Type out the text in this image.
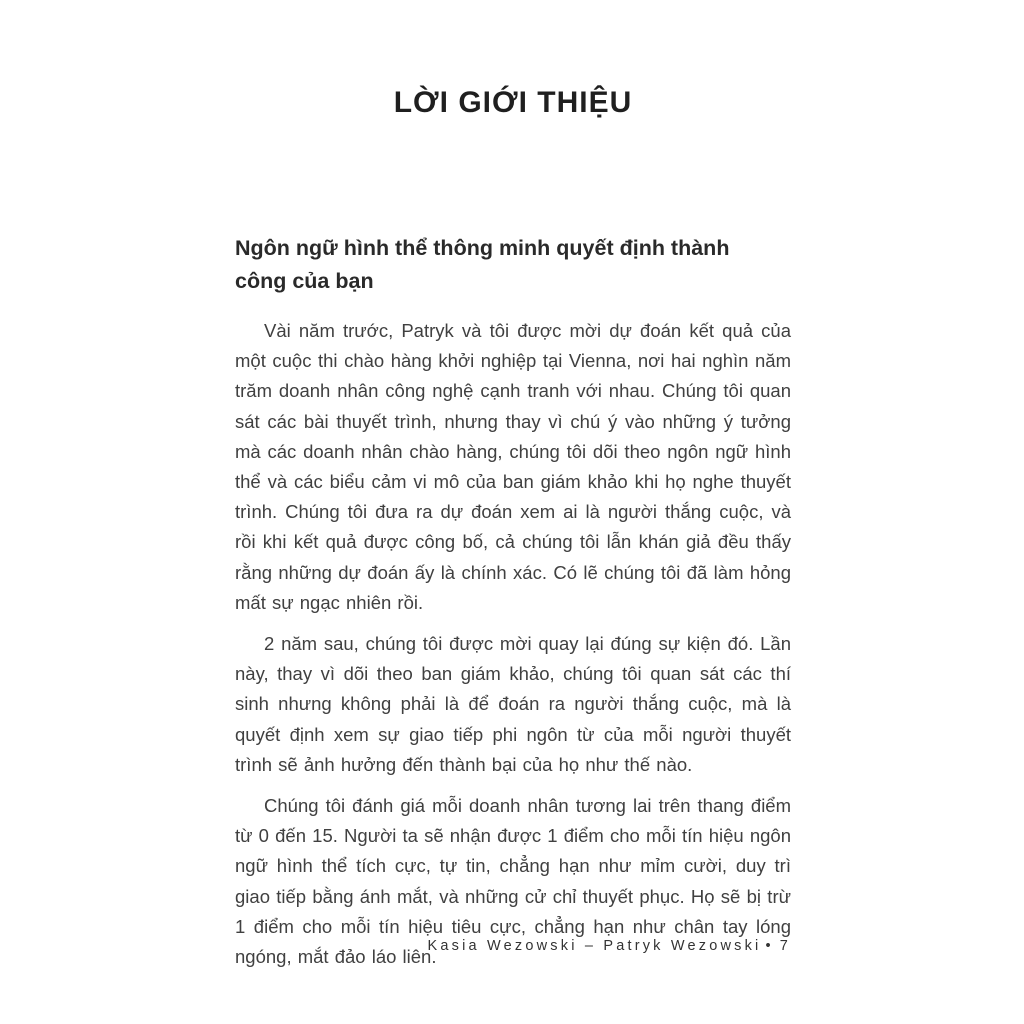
LỜI GIỚI THIỆU
Ngôn ngữ hình thể thông minh quyết định thành công của bạn

Vài năm trước, Patryk và tôi được mời dự đoán kết quả của một cuộc thi chào hàng khởi nghiệp tại Vienna, nơi hai nghìn năm trăm doanh nhân công nghệ cạnh tranh với nhau. Chúng tôi quan sát các bài thuyết trình, nhưng thay vì chú ý vào những ý tưởng mà các doanh nhân chào hàng, chúng tôi dõi theo ngôn ngữ hình thể và các biểu cảm vi mô của ban giám khảo khi họ nghe thuyết trình. Chúng tôi đưa ra dự đoán xem ai là người thắng cuộc, và rồi khi kết quả được công bố, cả chúng tôi lẫn khán giả đều thấy rằng những dự đoán ấy là chính xác. Có lẽ chúng tôi đã làm hỏng mất sự ngạc nhiên rồi.

2 năm sau, chúng tôi được mời quay lại đúng sự kiện đó. Lần này, thay vì dõi theo ban giám khảo, chúng tôi quan sát các thí sinh nhưng không phải là để đoán ra người thắng cuộc, mà là quyết định xem sự giao tiếp phi ngôn từ của mỗi người thuyết trình sẽ ảnh hưởng đến thành bại của họ như thế nào.

Chúng tôi đánh giá mỗi doanh nhân tương lai trên thang điểm từ 0 đến 15. Người ta sẽ nhận được 1 điểm cho mỗi tín hiệu ngôn ngữ hình thể tích cực, tự tin, chẳng hạn như mỉm cười, duy trì giao tiếp bằng ánh mắt, và những cử chỉ thuyết phục. Họ sẽ bị trừ 1 điểm cho mỗi tín hiệu tiêu cực, chẳng hạn như chân tay lóng ngóng, mắt đảo láo liên.

Kasia Wezowski – Patryk Wezowski • 7
